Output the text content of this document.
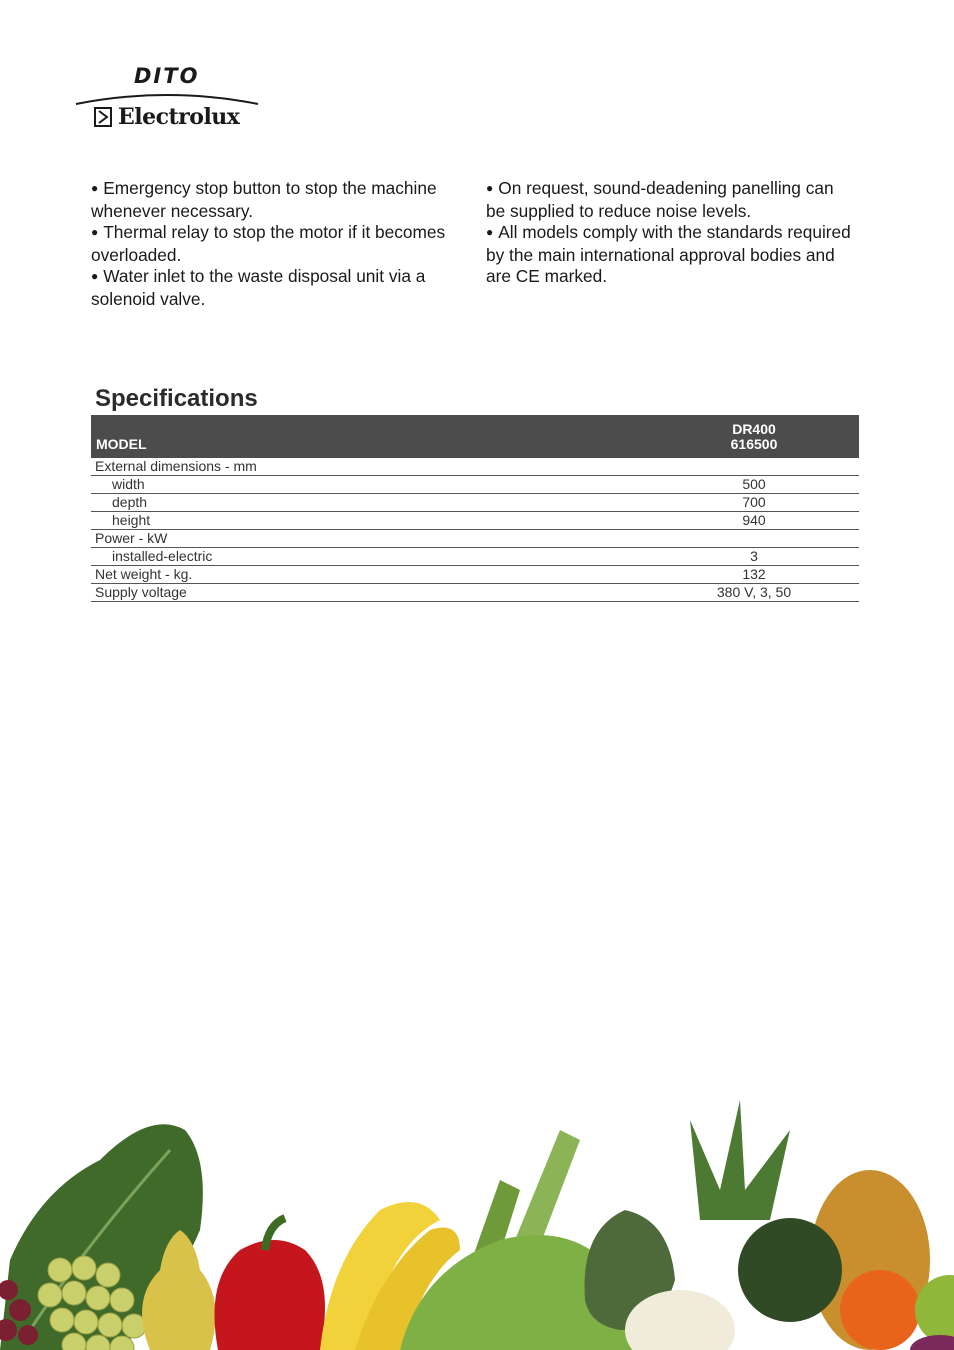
DITO
Electrolux

● Emergency stop button to stop the machine whenever necessary.

● Thermal relay to stop the motor if it becomes overloaded.

● Water inlet to the waste disposal unit via a solenoid valve.

● On request, sound-deadening panelling can be supplied to reduce noise levels.

● All models comply with the standards required by the main international approval bodies and are CE marked.

Specifications
MODEL	DR400
616500

External dimensions - mm	
width	500
depth	700
height	940
Power - kW	
installed-electric	3
Net weight - kg.	132
Supply voltage	380 V, 3, 50
